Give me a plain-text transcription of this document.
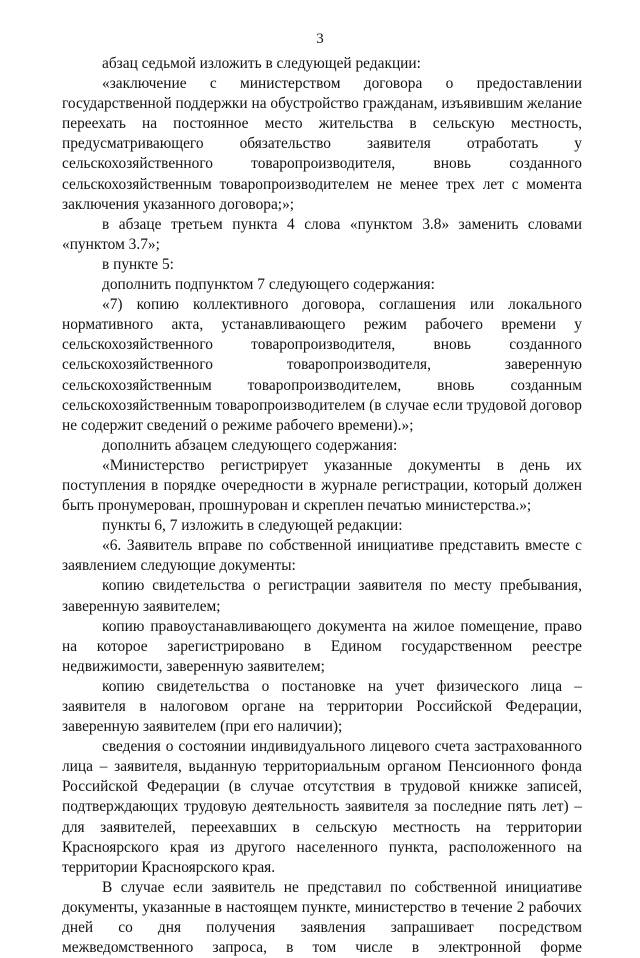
3

абзац седьмой изложить в следующей редакции:

«заключение с министерством договора о предоставлении государственной поддержки на обустройство гражданам, изъявившим желание переехать на постоянное место жительства в сельскую местность, предусматривающего обязательство заявителя отработать у сельскохозяйственного товаропроизводителя, вновь созданного сельскохозяйственным товаропроизводителем не менее трех лет с момента заключения указанного договора;»;

в абзаце третьем пункта 4 слова «пунктом 3.8» заменить словами «пунктом 3.7»;

в пункте 5:

дополнить подпунктом 7 следующего содержания:

«7) копию коллективного договора, соглашения или локального нормативного акта, устанавливающего режим рабочего времени у сельскохозяйственного товаропроизводителя, вновь созданного сельскохозяйственного товаропроизводителя, заверенную сельскохозяйственным товаропроизводителем, вновь созданным сельскохозяйственным товаропроизводителем (в случае если трудовой договор не содержит сведений о режиме рабочего времени).»;

дополнить абзацем следующего содержания:

«Министерство регистрирует указанные документы в день их поступления в порядке очередности в журнале регистрации, который должен быть пронумерован, прошнурован и скреплен печатью министерства.»;

пункты 6, 7 изложить в следующей редакции:

«6. Заявитель вправе по собственной инициативе представить вместе с заявлением следующие документы:

копию свидетельства о регистрации заявителя по месту пребывания, заверенную заявителем;

копию правоустанавливающего документа на жилое помещение, право на которое зарегистрировано в Едином государственном реестре недвижимости, заверенную заявителем;

копию свидетельства о постановке на учет физического лица – заявителя в налоговом органе на территории Российской Федерации, заверенную заявителем (при его наличии);

сведения о состоянии индивидуального лицевого счета застрахованного лица – заявителя, выданную территориальным органом Пенсионного фонда Российской Федерации (в случае отсутствия в трудовой книжке записей, подтверждающих трудовую деятельность заявителя за последние пять лет) – для заявителей, переехавших в сельскую местность на территории Красноярского края из другого населенного пункта, расположенного на территории Красноярского края.

В случае если заявитель не представил по собственной инициативе документы, указанные в настоящем пункте, министерство в течение 2 рабочих дней со дня получения заявления запрашивает посредством межведомственного запроса, в том числе в электронной форме
